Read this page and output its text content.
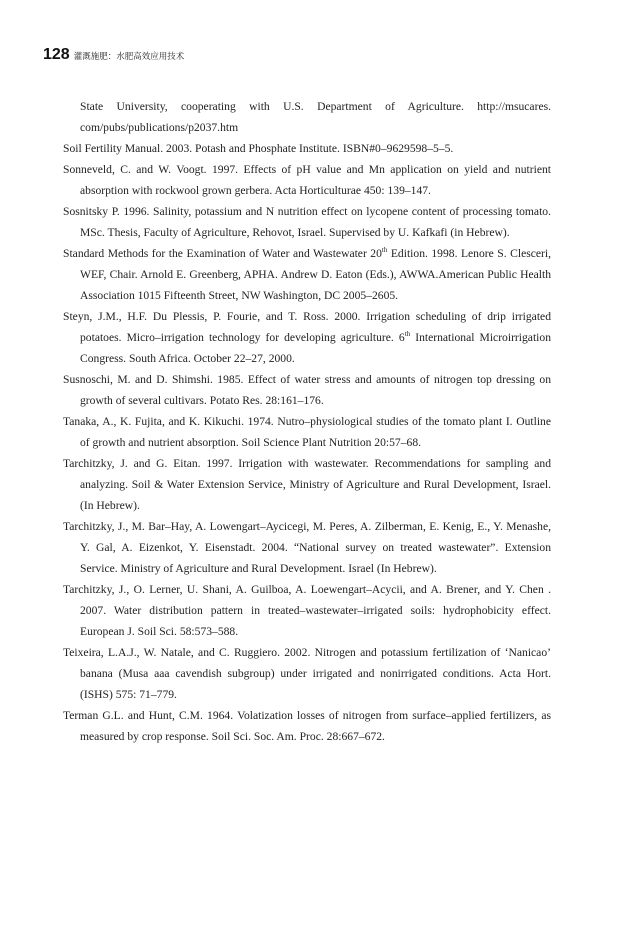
128 灌溉施肥：水肥高效应用技术
State University, cooperating with U.S. Department of Agriculture. http://msucares. com/pubs/publications/p2037.htm
Soil Fertility Manual. 2003. Potash and Phosphate Institute. ISBN#0–9629598–5–5.
Sonneveld, C. and W. Voogt. 1997. Effects of pH value and Mn application on yield and nutrient absorption with rockwool grown gerbera. Acta Horticulturae 450: 139–147.
Sosnitsky P. 1996. Salinity, potassium and N nutrition effect on lycopene content of processing tomato. MSc. Thesis, Faculty of Agriculture, Rehovot, Israel. Supervised by U. Kafkafi (in Hebrew).
Standard Methods for the Examination of Water and Wastewater 20th Edition. 1998. Lenore S. Clesceri, WEF, Chair. Arnold E. Greenberg, APHA. Andrew D. Eaton (Eds.), AWWA.American Public Health Association 1015 Fifteenth Street, NW Washington, DC 2005–2605.
Steyn, J.M., H.F. Du Plessis, P. Fourie, and T. Ross. 2000. Irrigation scheduling of drip irrigated potatoes. Micro–irrigation technology for developing agriculture. 6th International Microirrigation Congress. South Africa. October 22–27, 2000.
Susnoschi, M. and D. Shimshi. 1985. Effect of water stress and amounts of nitrogen top dressing on growth of several cultivars. Potato Res. 28:161–176.
Tanaka, A., K. Fujita, and K. Kikuchi. 1974. Nutro–physiological studies of the tomato plant I. Outline of growth and nutrient absorption. Soil Science Plant Nutrition 20:57–68.
Tarchitzky, J. and G. Eitan. 1997. Irrigation with wastewater. Recommendations for sampling and analyzing. Soil & Water Extension Service, Ministry of Agriculture and Rural Development, Israel. (In Hebrew).
Tarchitzky, J., M. Bar–Hay, A. Lowengart–Aycicegi, M. Peres, A. Zilberman, E. Kenig, E., Y. Menashe, Y. Gal, A. Eizenkot, Y. Eisenstadt. 2004. “National survey on treated wastewater”. Extension Service. Ministry of Agriculture and Rural Development. Israel (In Hebrew).
Tarchitzky, J., O. Lerner, U. Shani, A. Guilboa, A. Loewengart–Acycii, and A. Brener, and Y. Chen . 2007. Water distribution pattern in treated–wastewater–irrigated soils: hydrophobicity effect. European J. Soil Sci. 58:573–588.
Teixeira, L.A.J., W. Natale, and C. Ruggiero. 2002. Nitrogen and potassium fertilization of ‘Nanicao’ banana (Musa aaa cavendish subgroup) under irrigated and nonirrigated conditions. Acta Hort. (ISHS) 575: 71–779.
Terman G.L. and Hunt, C.M. 1964. Volatization losses of nitrogen from surface–applied fertilizers, as measured by crop response. Soil Sci. Soc. Am. Proc. 28:667–672.
